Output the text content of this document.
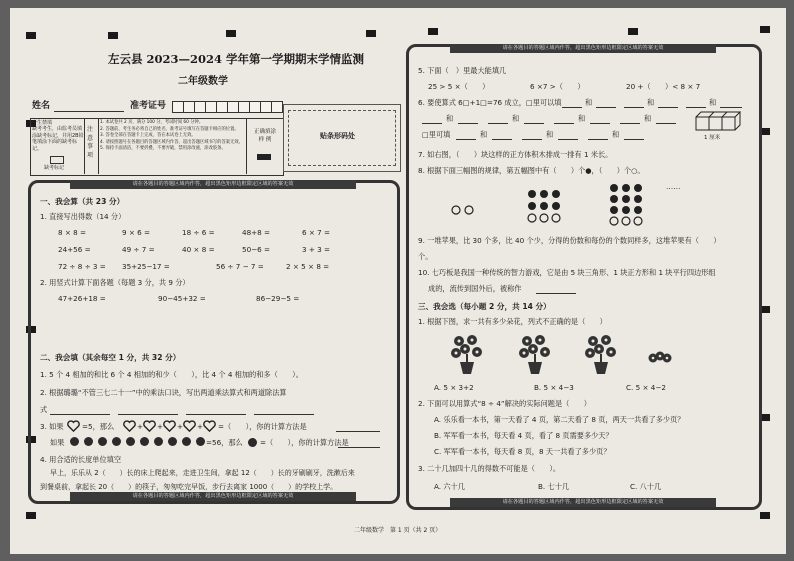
左云县 2023—2024 学年第一学期期末学情监测
二年级数学
姓名	准考证号
考生禁填
缺考考生，由监考员填涂缺考标记，并用2B铅笔填涂下面的缺考标记。
缺考标记
注意事项
1. 本试卷共 2 页，满分 100 分，考试时间 60 分钟。
2. 答题前，考生务必将自己的姓名、准考证号填写在答题卡相应的位置。
3. 答卷全部在答题卡上完成，答在本试卷上无效。
4. 请按照题号在各题目的答题区域内作答，超出答题区域书写的答案无效。
5. 保持卡面清洁，不要折叠，不要弄破，禁用涂改液，涂改胶条。
正确填涂
样 例	贴条形码处
请在各题目的答题区域内作答，超出黑色矩形边框限定区域的答案无效
请在各题目的答题区域内作答，超出黑色矩形边框限定区域的答案无效
一、我会算（共 23 分）
1. 直接写出得数（14 分）
8 × 8 =	9 × 6 =	18 ÷ 6 =	48+8 =	6 × 7 =
24+56 =	49 ÷ 7 =	40 × 8 =	50−6 =	3 + 3 =
72 ÷ 8 ÷ 3 = 35+25−17 =	56 ÷ 7 − 7 =	2 × 5 × 8 =
2. 用竖式计算下面各题（每题 3 分，共 9 分）
47+26+18 =	90−45+32 =	86−29−5 =
二、我会填（其余每空 1 分，共 32 分）
1. 5 个 4 相加的和比 6 个 4 相加的和少（　　），比 4 个 4 相加的和多（　　）。
2. 根据璐璐“不管三七二十一”中的乘法口诀，写出两道乘法算式和两道除法算
式
3. 如果	=5，那么	+ + + + =（　　），你的计算方法是
如果	=56，那么 =（　　），你的计算方法是
4. 用合适的长度单位填空
早上，乐乐从 2（　　）长的床上爬起来，走进卫生间，拿起 12（　　）长的牙刷刷牙，洗漱后来
到餐桌前，拿起长 20（　　）的筷子，匆匆吃完早饭，步行去离家 1000（　　）的学校上学。
请在各题目的答题区域内作答，超出黑色矩形边框限定区域的答案无效
请在各题目的答题区域内作答，超出黑色矩形边框限定区域的答案无效
5. 下面（　）里最大能填几
25 > 5 ×（　　）	6 ×7 >（　　）	20 +（　　）< 8 × 7
6. 要使算式 6□+1□=76 成立，□里可以填	和	和	和
和	和	和	和
□里可填	和	和	和	1 厘米
7. 如右图，（　　）块这样的正方体积木排成一排有 1 米长。
8. 根据下面三幅图的规律，第五幅图中有（　　）个●，（　　）个○。
……
9. 一堆苹果，比 30 个多，比 40 个少，分得的份数和每份的个数同样多，这堆苹果有（　　）
个。
10. 七巧板是我国一种传统的智力游戏，它是由 5 块三角形、1 块正方形和 1 块平行四边形组
成的，流传到国外后，被称作
三、我会选（每小题 2 分，共 14 分）
1. 根据下图，求一共有多少朵花，列式不正确的是（　　）
A. 5 × 3+2	B. 5 × 4−3	C. 5 × 4−2
2. 下面可以用算式“8 ÷ 4”解决的实际问题是（　　）
A. 乐乐看一本书，第一天看了 4 页，第二天看了 8 页，两天一共看了多少页？
B. 军军看一本书，每天看 4 页，看了 8 页需要多少天？
C. 军军看一本书，每天看 8 页，8 天一共看了多少页？
3. 二十几加四十几的得数不可能是（　　）。
A. 六十几	B. 七十几	C. 八十几
二年级数学　第 1 页（共 2 页）
